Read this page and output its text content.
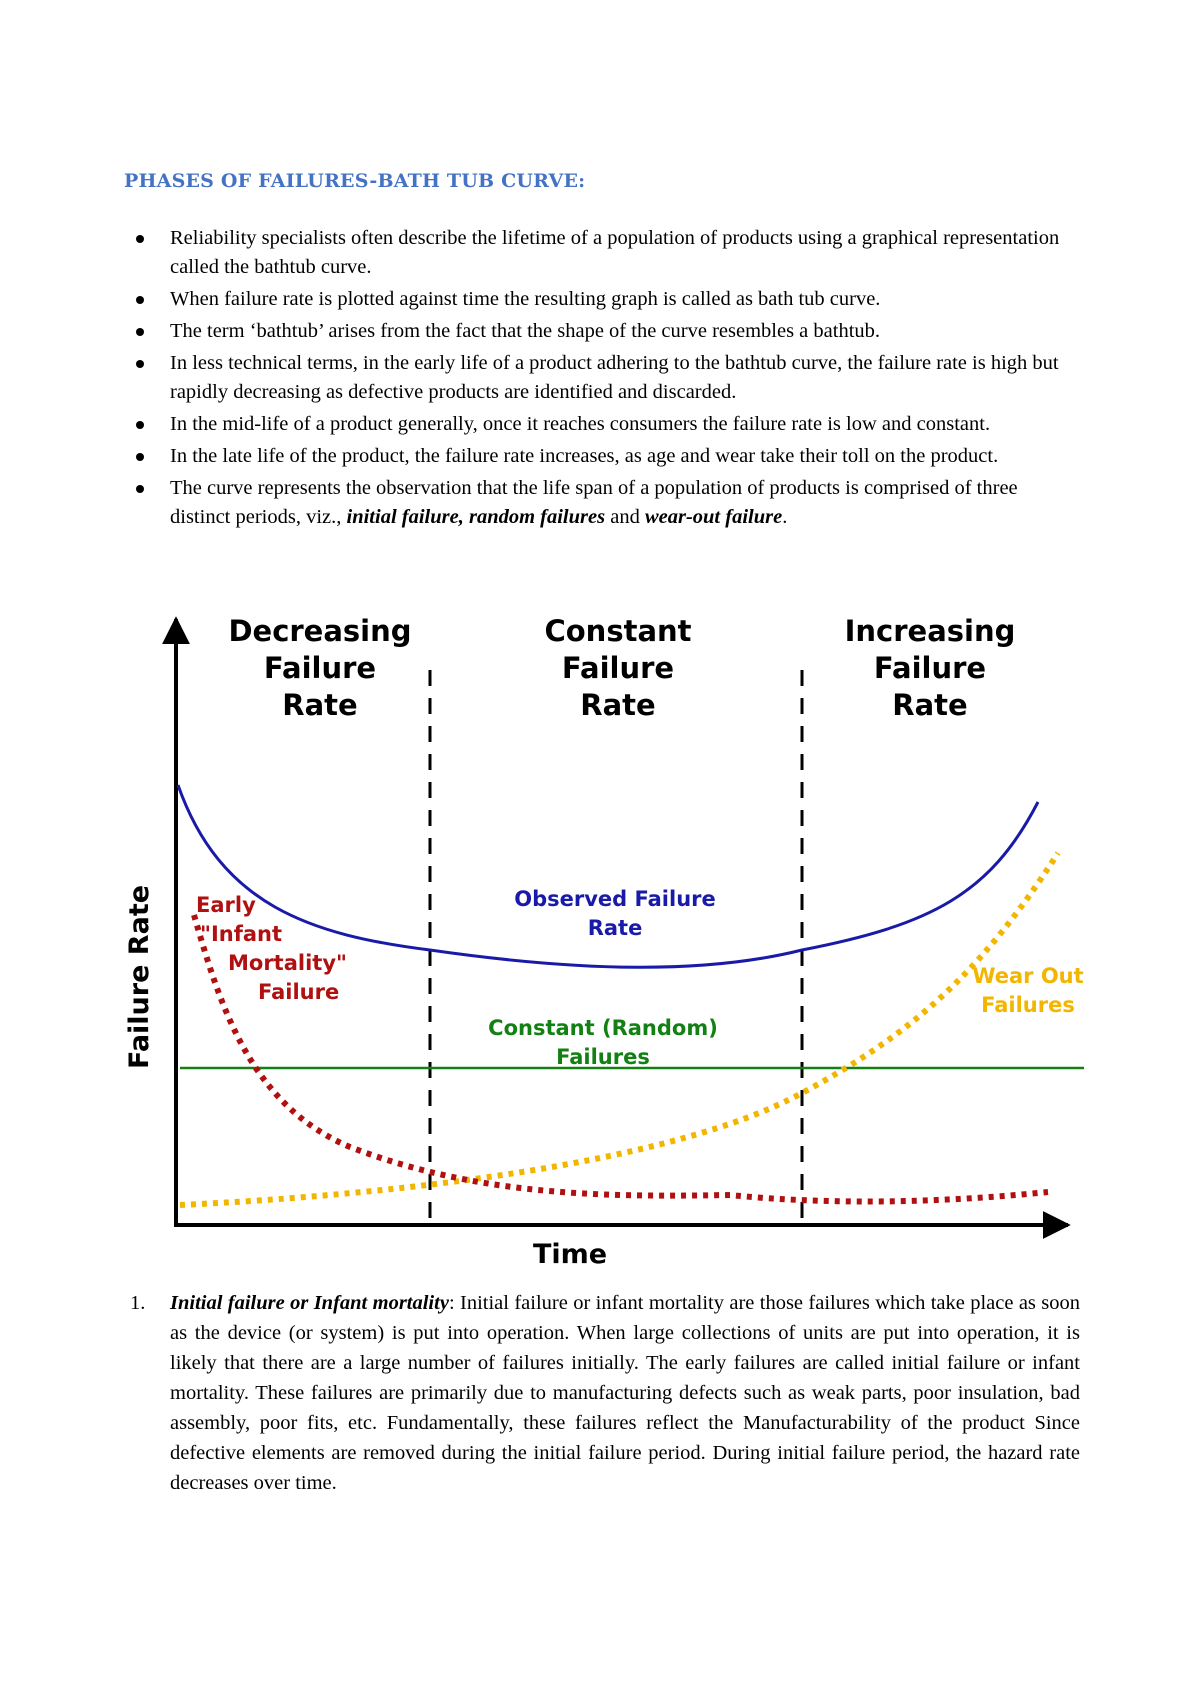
PHASES OF FAILURES-BATH TUB CURVE:
Reliability specialists often describe the lifetime of a population of products using a graphical representation called the bathtub curve.
When failure rate is plotted against time the resulting graph is called as bath tub curve.
The term ‘bathtub’ arises from the fact that the shape of the curve resembles a bathtub.
In less technical terms, in the early life of a product adhering to the bathtub curve, the failure rate is high but rapidly decreasing as defective products are identified and discarded.
In the mid-life of a product generally, once it reaches consumers the failure rate is low and constant.
In the late life of the product, the failure rate increases, as age and wear take their toll on the product.
The curve represents the observation that the life span of a population of products is comprised of three distinct periods, viz., initial failure, random failures and wear-out failure.
Decreasing
Failure
Rate
Constant
Failure
Rate
Increasing
Failure
Rate
Time
Failure Rate	Observed Failure
Rate
Constant (Random)
Failures
Wear Out
Failures
Early
"Infant
Mortality"
Failure
1. Initial failure or Infant mortality: Initial failure or infant mortality are those failures which take place as soon as the device (or system) is put into operation. When large collections of units are put into operation, it is likely that there are a large number of failures initially. The early failures are called initial failure or infant mortality. These failures are primarily due to manufacturing defects such as weak parts, poor insulation, bad assembly, poor fits, etc. Fundamentally, these failures reflect the Manufacturability of the product Since defective elements are removed during the initial failure period. During initial failure period, the hazard rate decreases over time.
